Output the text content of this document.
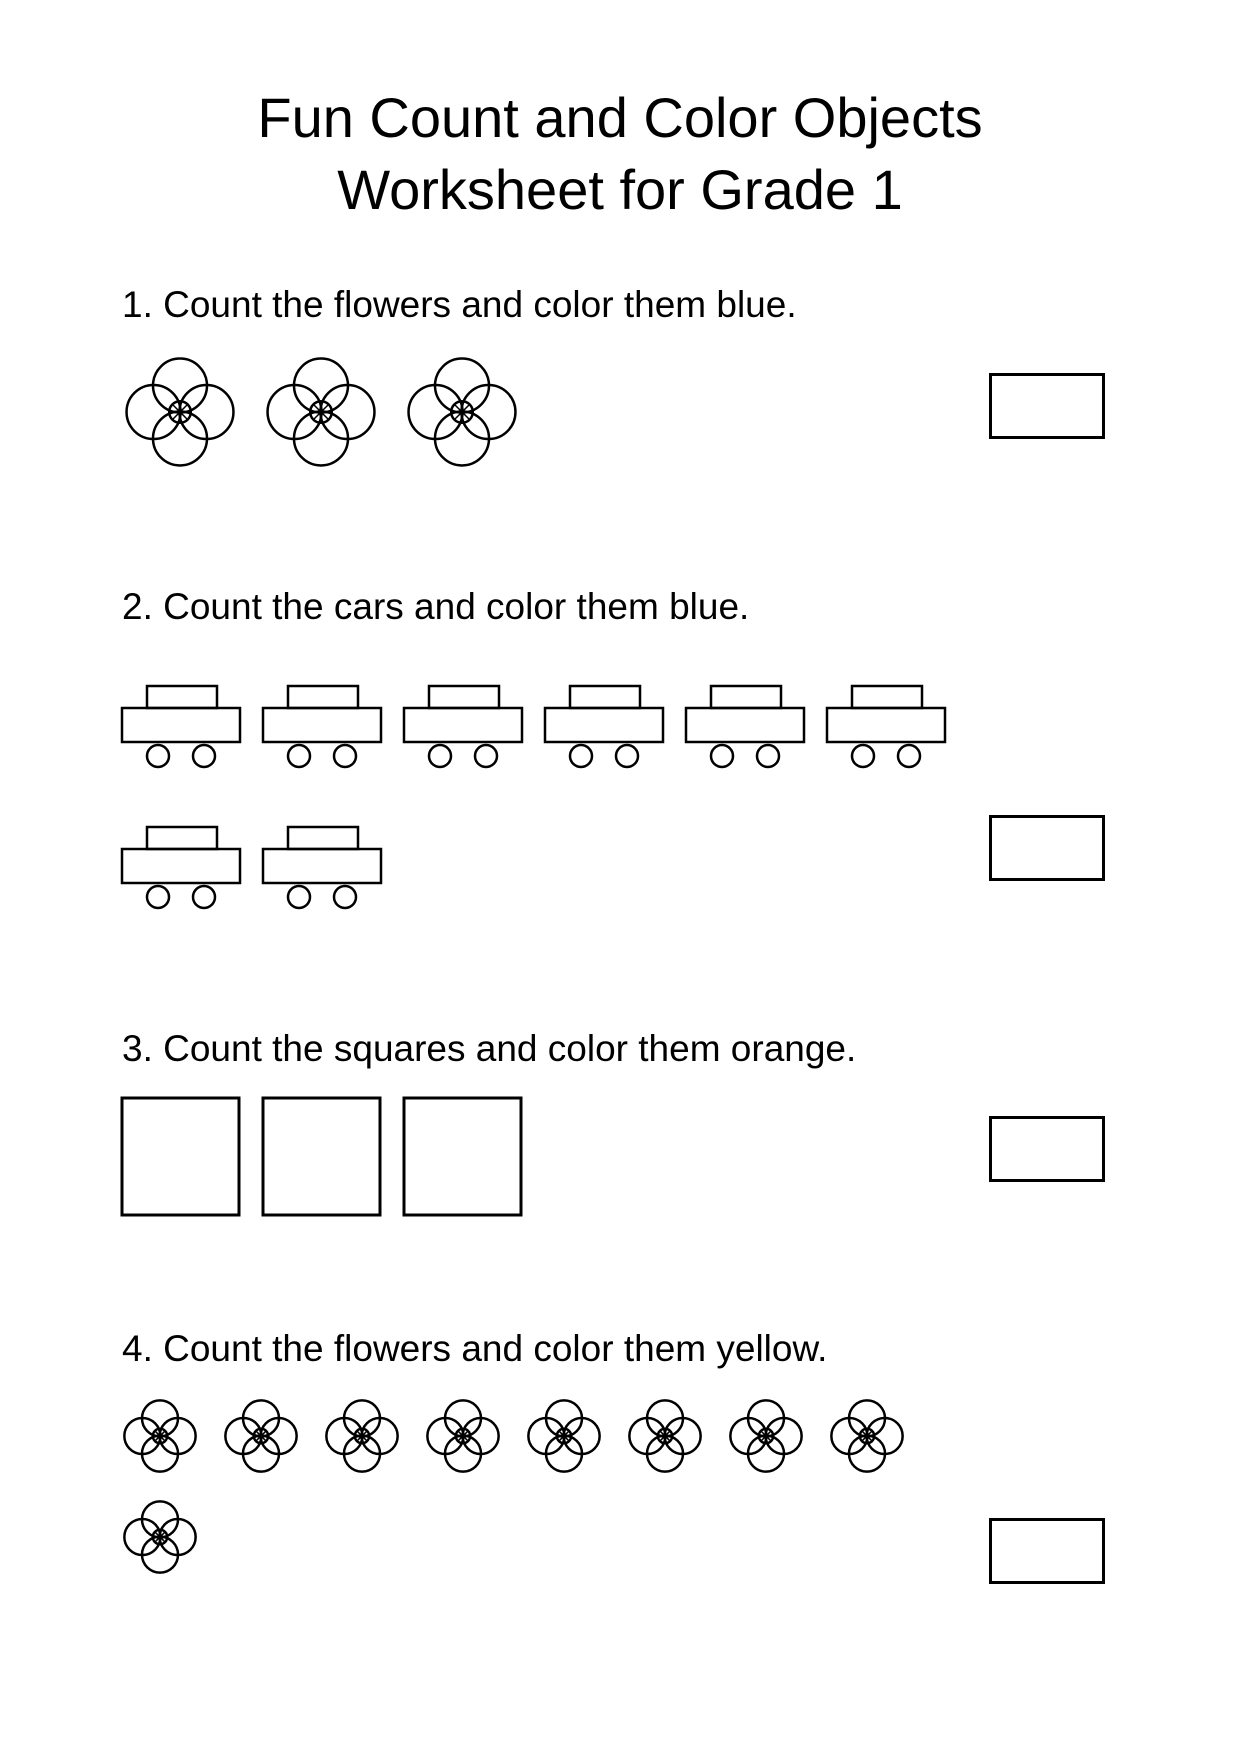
Fun Count and Color Objects
Worksheet for Grade 1
1. Count the flowers and color them blue.
2. Count the cars and color them blue.
3. Count the squares and color them orange.
4. Count the flowers and color them yellow.
